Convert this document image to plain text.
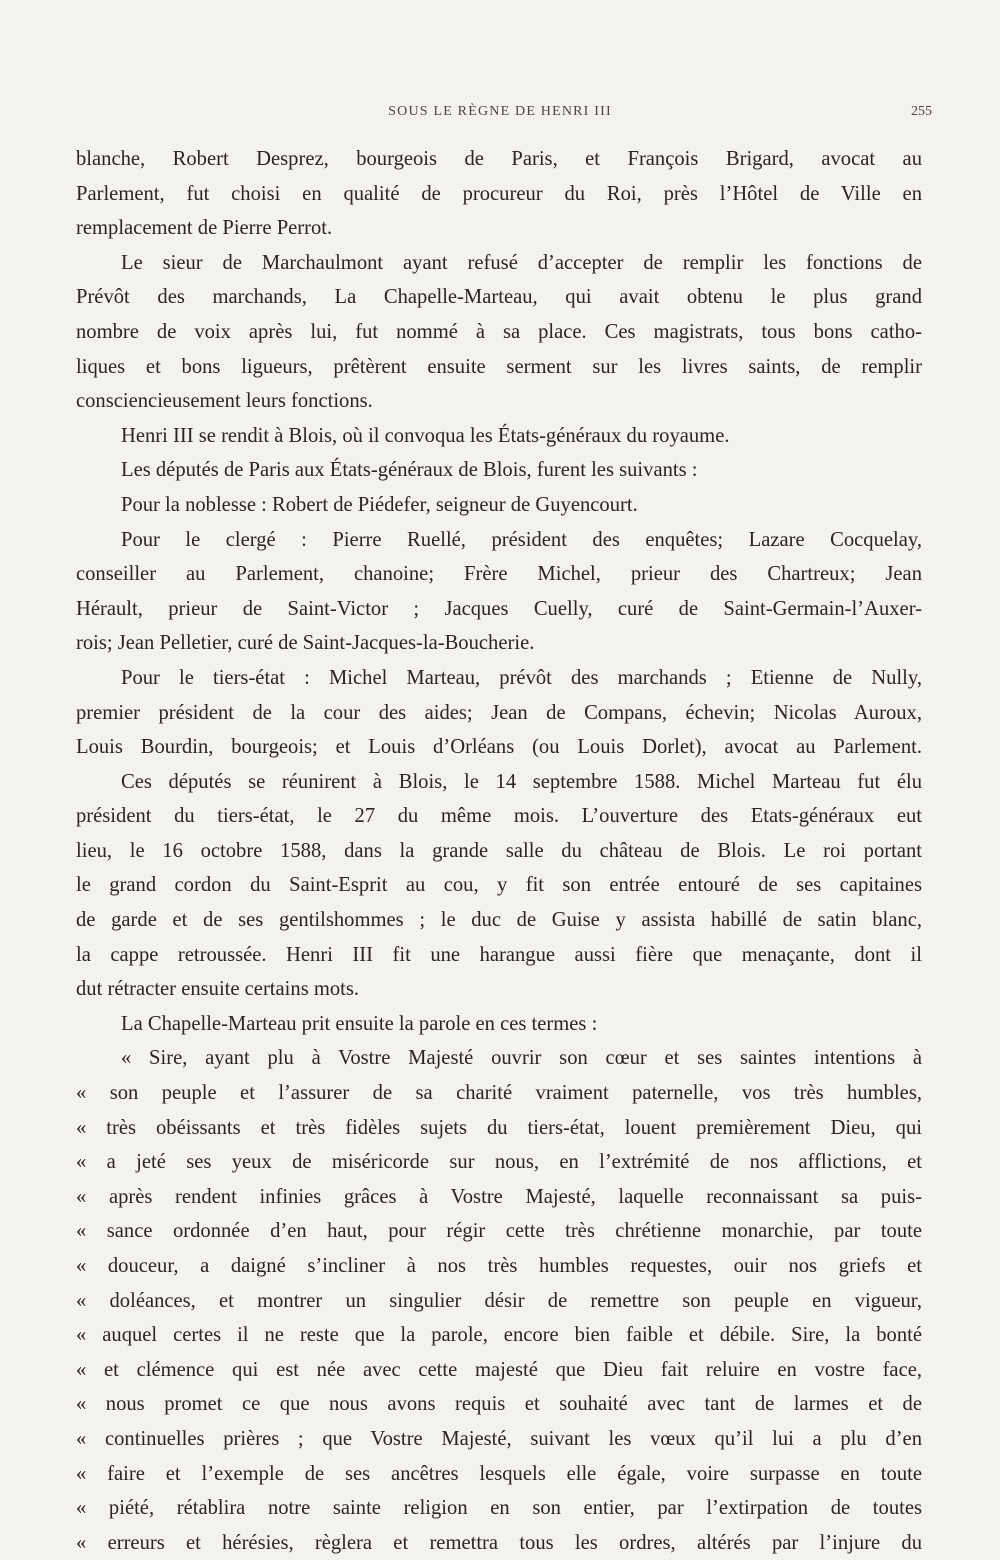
SOUS LE RÈGNE DE HENRI III	255
blanche, Robert Desprez, bourgeois de Paris, et François Brigard, avocat au
Parlement, fut choisi en qualité de procureur du Roi, près l’Hôtel de Ville en
remplacement de Pierre Perrot.
Le sieur de Marchaulmont ayant refusé d’accepter de remplir les fonctions de
Prévôt des marchands, La Chapelle-Marteau, qui avait obtenu le plus grand
nombre de voix après lui, fut nommé à sa place. Ces magistrats, tous bons catho-
liques et bons ligueurs, prêtèrent ensuite serment sur les livres saints, de remplir
consciencieusement leurs fonctions.
Henri III se rendit à Blois, où il convoqua les États-généraux du royaume.
Les députés de Paris aux États-généraux de Blois, furent les suivants :
Pour la noblesse : Robert de Piédefer, seigneur de Guyencourt.
Pour le clergé : Pierre Ruellé, président des enquêtes; Lazare Cocquelay,
conseiller au Parlement, chanoine; Frère Michel, prieur des Chartreux; Jean
Hérault, prieur de Saint-Victor ; Jacques Cuelly, curé de Saint-Germain-l’Auxer-
rois; Jean Pelletier, curé de Saint-Jacques-la-Boucherie.
Pour le tiers-état : Michel Marteau, prévôt des marchands ; Etienne de Nully,
premier président de la cour des aides; Jean de Compans, échevin; Nicolas Auroux,
Louis Bourdin, bourgeois; et Louis d’Orléans (ou Louis Dorlet), avocat au Parlement.
Ces députés se réunirent à Blois, le 14 septembre 1588. Michel Marteau fut élu
président du tiers-état, le 27 du même mois. L’ouverture des Etats-généraux eut
lieu, le 16 octobre 1588, dans la grande salle du château de Blois. Le roi portant
le grand cordon du Saint-Esprit au cou, y fit son entrée entouré de ses capitaines
de garde et de ses gentilshommes ; le duc de Guise y assista habillé de satin blanc,
la cappe retroussée. Henri III fit une harangue aussi fière que menaçante, dont il
dut rétracter ensuite certains mots.
La Chapelle-Marteau prit ensuite la parole en ces termes :
« Sire, ayant plu à Vostre Majesté ouvrir son cœur et ses saintes intentions à
« son peuple et l’assurer de sa charité vraiment paternelle, vos très humbles,
« très obéissants et très fidèles sujets du tiers-état, louent premièrement Dieu, qui
« a jeté ses yeux de miséricorde sur nous, en l’extrémité de nos afflictions, et
« après rendent infinies grâces à Vostre Majesté, laquelle reconnaissant sa puis-
« sance ordonnée d’en haut, pour régir cette très chrétienne monarchie, par toute
« douceur, a daigné s’incliner à nos très humbles requestes, ouir nos griefs et
« doléances, et montrer un singulier désir de remettre son peuple en vigueur,
« auquel certes il ne reste que la parole, encore bien faible et débile. Sire, la bonté
« et clémence qui est née avec cette majesté que Dieu fait reluire en vostre face,
« nous promet ce que nous avons requis et souhaité avec tant de larmes et de
« continuelles prières ; que Vostre Majesté, suivant les vœux qu’il lui a plu d’en
« faire et l’exemple de ses ancêtres lesquels elle égale, voire surpasse en toute
« piété, rétablira notre sainte religion en son entier, par l’extirpation de toutes
« erreurs et hérésies, règlera et remettra tous les ordres, altérés par l’injure du
